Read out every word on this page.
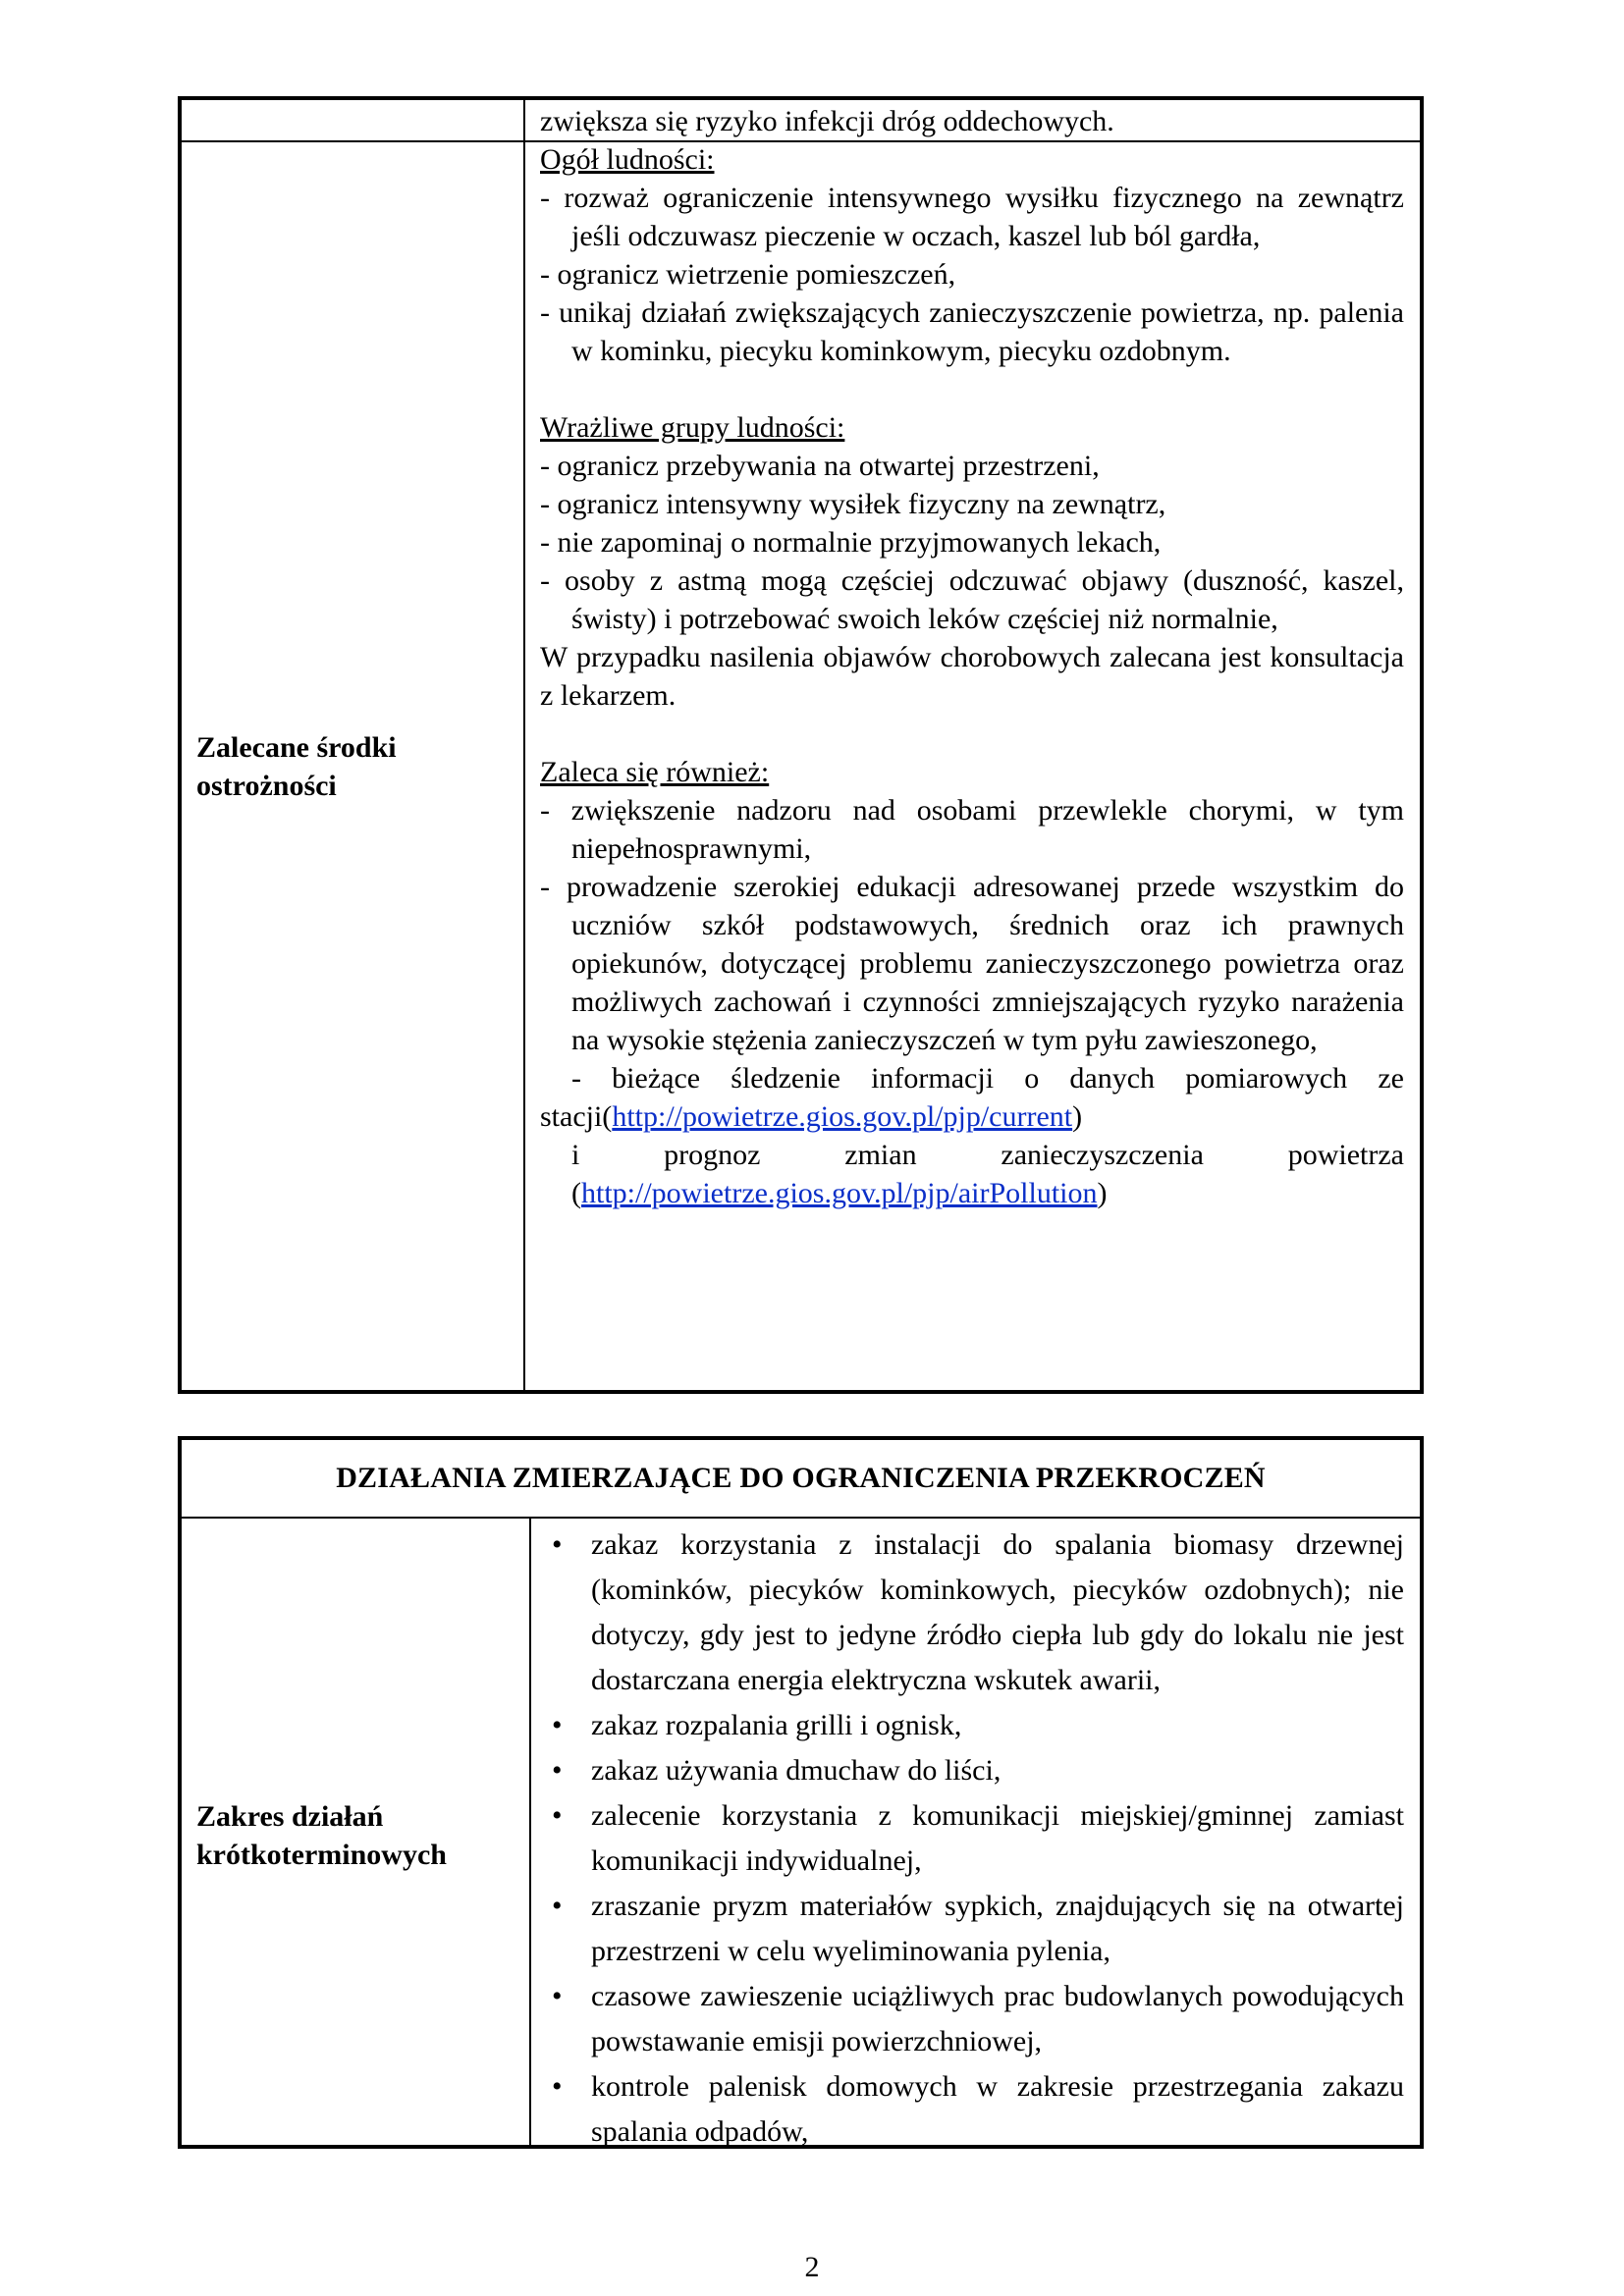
zwiększa się ryzyko infekcji dróg oddechowych.

Zalecane środki ostrożności

Ogół ludności:

- rozważ ograniczenie intensywnego wysiłku fizycznego na zewnątrz jeśli odczuwasz pieczenie w oczach, kaszel lub ból gardła,

- ogranicz wietrzenie pomieszczeń,

- unikaj działań zwiększających zanieczyszczenie powietrza, np. palenia w kominku, piecyku kominkowym, piecyku ozdobnym.

Wrażliwe grupy ludności:

- ogranicz przebywania na otwartej przestrzeni,

- ogranicz intensywny wysiłek fizyczny na zewnątrz,

- nie zapominaj o normalnie przyjmowanych lekach,

- osoby z astmą mogą częściej odczuwać objawy (duszność, kaszel, świsty) i potrzebować swoich leków częściej niż normalnie,

W przypadku nasilenia objawów chorobowych zalecana jest konsultacja z lekarzem.

Zaleca się również:

- zwiększenie nadzoru nad osobami przewlekle chorymi, w tym niepełnosprawnymi,

- prowadzenie szerokiej edukacji adresowanej przede wszystkim do uczniów szkół podstawowych, średnich oraz ich prawnych opiekunów, dotyczącej problemu zanieczyszczonego powietrza oraz możliwych zachowań i czynności zmniejszających ryzyko narażenia na wysokie stężenia zanieczyszczeń w tym pyłu zawieszonego,

- bieżące śledzenie informacji o danych pomiarowych ze stacji(http://powietrze.gios.gov.pl/pjp/current)

i prognoz zmian zanieczyszczenia powietrza

(http://powietrze.gios.gov.pl/pjp/airPollution)

DZIAŁANIA ZMIERZAJĄCE DO OGRANICZENIA PRZEKROCZEŃ
Zakres działań krótkoterminowych
• zakaz korzystania z instalacji do spalania biomasy drzewnej (kominków, piecyków kominkowych, piecyków ozdobnych); nie dotyczy, gdy jest to jedyne źródło ciepła lub gdy do lokalu nie jest dostarczana energia elektryczna wskutek awarii,
• zakaz rozpalania grilli i ognisk,
• zakaz używania dmuchaw do liści,
• zalecenie korzystania z komunikacji miejskiej/gminnej zamiast komunikacji indywidualnej,
• zraszanie pryzm materiałów sypkich, znajdujących się na otwartej przestrzeni w celu wyeliminowania pylenia,
• czasowe zawieszenie uciążliwych prac budowlanych powodujących powstawanie emisji powierzchniowej,
• kontrole palenisk domowych w zakresie przestrzegania zakazu spalania odpadów,
2
